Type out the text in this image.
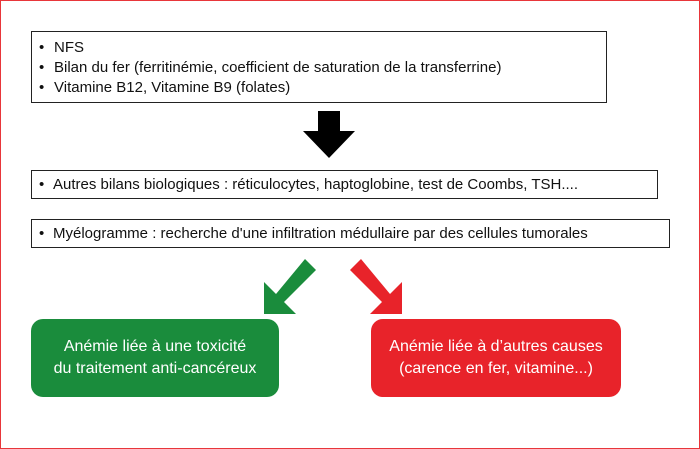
• NFS
• Bilan du fer (ferritinémie, coefficient de saturation de la transferrine)
• Vitamine B12, Vitamine B9 (folates)
• Autres bilans biologiques : réticulocytes, haptoglobine, test de Coombs, TSH....
• Myélogramme : recherche d'une infiltration médullaire par des cellules tumorales
Anémie liée à une toxicité
du traitement anti-cancéreux
Anémie liée à d’autres causes
(carence en fer, vitamine...)
